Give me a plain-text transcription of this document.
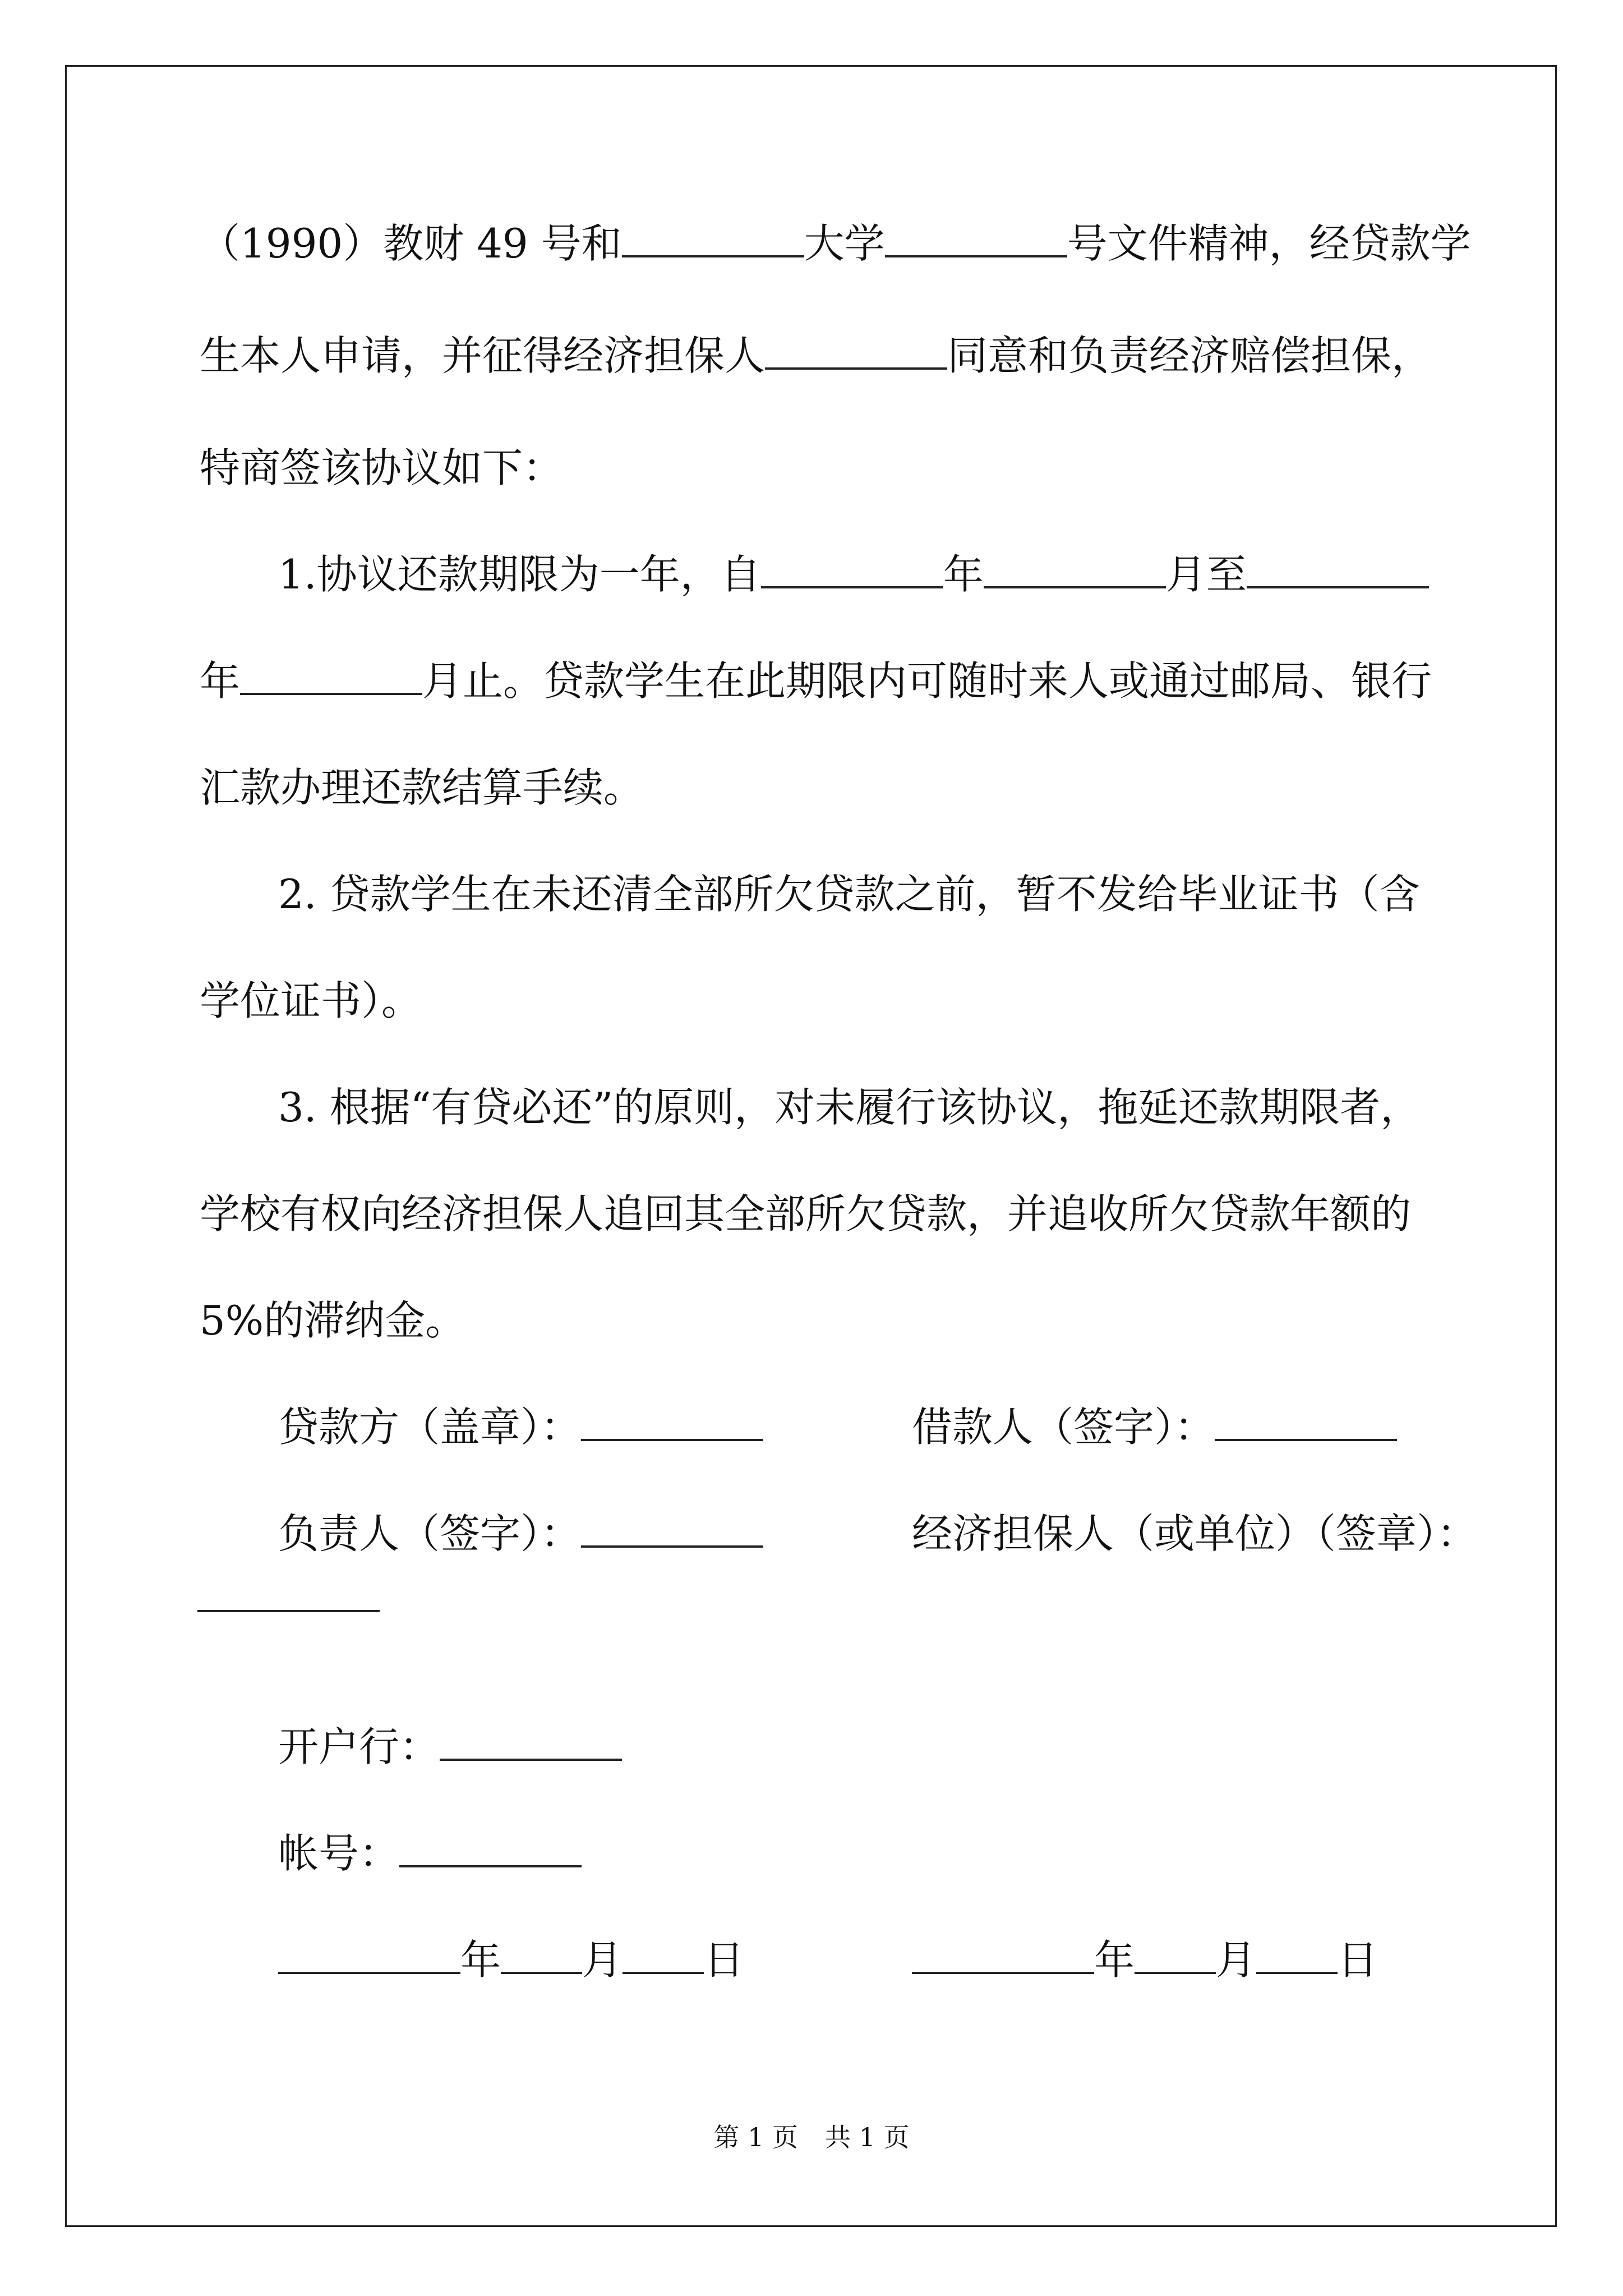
（1990）教财 49 号和	大学	号文件精神，经贷款学
生本人申请，并征得经济担保人	同意和负责经济赔偿担保，
特商签该协议如下：
1.协议还款期限为一年，自	年	月至
年	月止。贷款学生在此期限内可随时来人或通过邮局、银行
汇款办理还款结算手续。
2. 贷款学生在未还清全部所欠贷款之前，暂不发给毕业证书（含
学位证书）。
3. 根据“有贷必还”的原则，对未履行该协议，拖延还款期限者，
学校有权向经济担保人追回其全部所欠贷款，并追收所欠贷款年额的
5%的滞纳金。
贷款方（盖章）：	借款人（签字）：
负责人（签字）：	经济担保人（或单位）（签章）：
开户行：
帐号：
年 月 日	年 月 日
第 1 页 共 1 页
